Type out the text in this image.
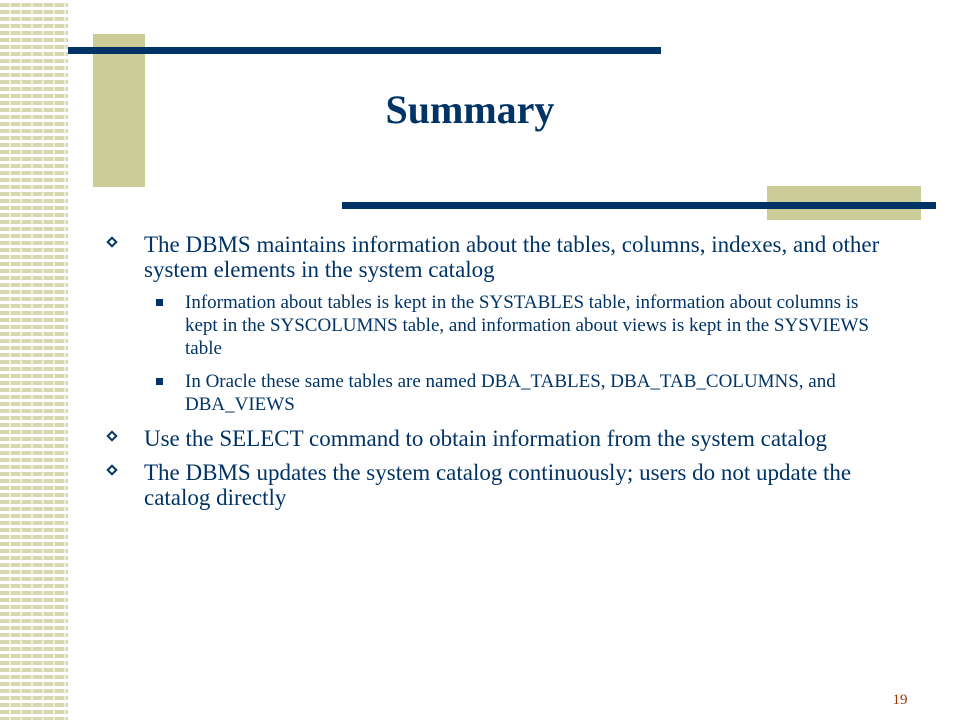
Summary
The DBMS maintains information about the tables, columns, indexes, and other system elements in the system catalog
Information about tables is kept in the SYSTABLES table, information about columns is kept in the SYSCOLUMNS table, and information about views is kept in the SYSVIEWS table
In Oracle these same tables are named DBA_TABLES, DBA_TAB_COLUMNS, and DBA_VIEWS
Use the SELECT command to obtain information from the system catalog
The DBMS updates the system catalog continuously; users do not update the catalog directly
19
